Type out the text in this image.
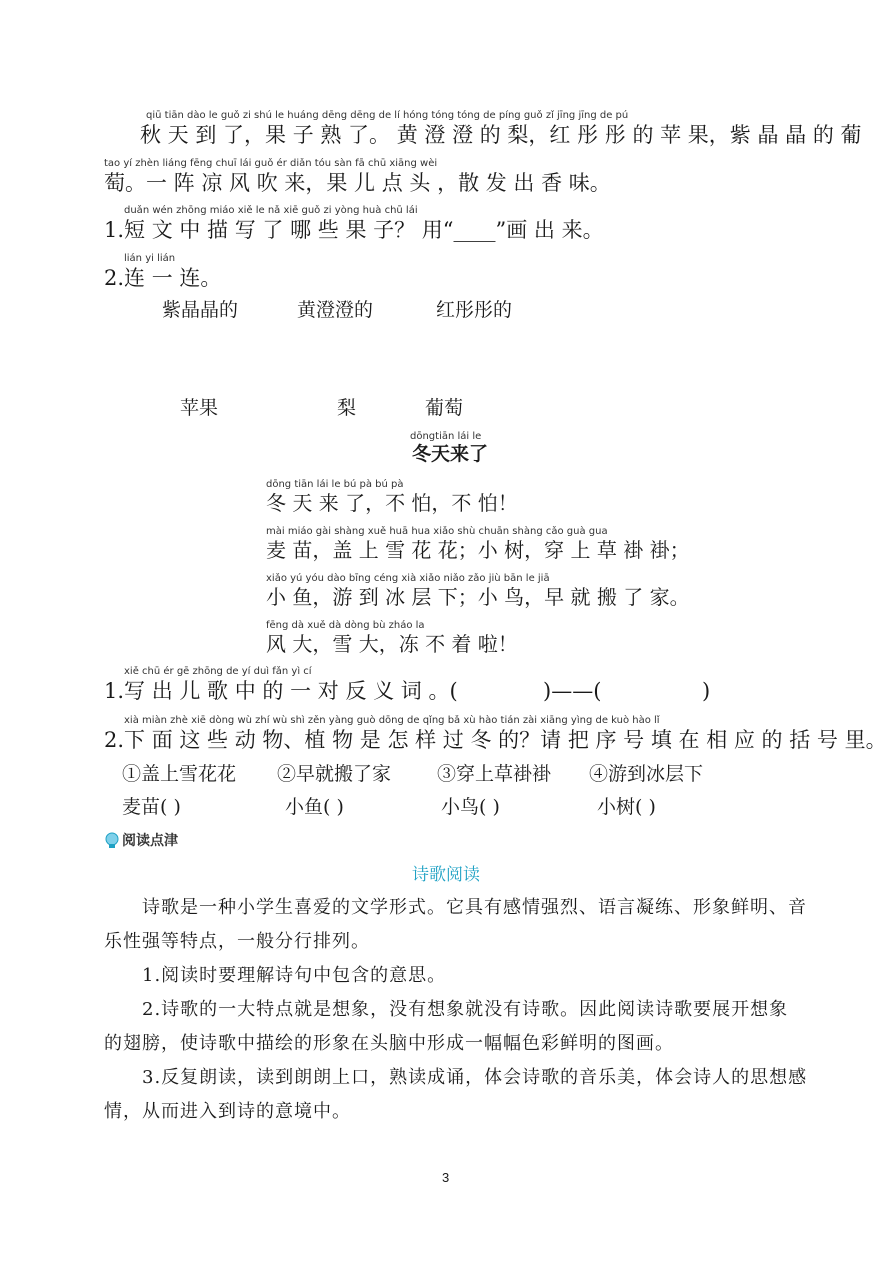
qiū tiān dào le guǒ zi shú le huáng dēng dēng de lí hóng tóng tóng de píng guǒ zǐ jīng jīng de pú
秋 天 到 了，果 子 熟 了。 黄 澄 澄 的 梨，红 彤 彤 的 苹 果，紫 晶 晶 的 葡
tao yí zhèn liáng fēng chuī lái guǒ ér diǎn tóu sàn fā chū xiāng wèi
萄。一 阵 凉 风 吹 来，果 儿 点 头 ，散 发 出 香 味。
duǎn wén zhōng miáo xiě le nǎ xiē guǒ zi yòng huà chū lái
1.短 文 中 描 写 了 哪 些 果 子？ 用“____”画 出 来。
lián yi lián
2.连 一 连。
紫晶晶的	黄澄澄的	红彤彤的
苹果	梨	葡萄
dōngtiān lái le
冬天来了
dōng tiān lái le bú pà bú pà
冬 天 来 了，不 怕，不 怕！
mài miáo gài shàng xuě huā hua xiǎo shù chuān shàng cǎo guà gua
麦 苗，盖 上 雪 花 花；小 树，穿 上 草 褂 褂；
xiǎo yú yóu dào bīng céng xià xiǎo niǎo zǎo jiù bān le jiā
小 鱼，游 到 冰 层 下；小 鸟，早 就 搬 了 家。
fēng dà xuě dà dòng bù zháo la
风 大，雪 大，冻 不 着 啦！
xiě chū ér gē zhōng de yí duì fǎn yì cí
1.写 出 儿 歌 中 的 一 对 反 义 词 。(	)——(	)
xià miàn zhè xiē dòng wù zhí wù shì zěn yàng guò dōng de qǐng bǎ xù hào tián zài xiāng yìng de kuò hào lǐ
2.下 面 这 些 动 物、植 物 是 怎 样 过 冬 的？请 把 序 号 填 在 相 应 的 括 号 里。
①盖上雪花花 ②早就搬了家 ③穿上草褂褂 ④游到冰层下
麦苗( )	小鱼( )	小鸟( )	小树( )
阅读点津
诗歌阅读
诗歌是一种小学生喜爱的文学形式。它具有感情强烈、语言凝练、形象鲜明、音
乐性强等特点，一般分行排列。
1.阅读时要理解诗句中包含的意思。
2.诗歌的一大特点就是想象，没有想象就没有诗歌。因此阅读诗歌要展开想象
的翅膀，使诗歌中描绘的形象在头脑中形成一幅幅色彩鲜明的图画。
3.反复朗读，读到朗朗上口，熟读成诵，体会诗歌的音乐美，体会诗人的思想感
情，从而进入到诗的意境中。
3
